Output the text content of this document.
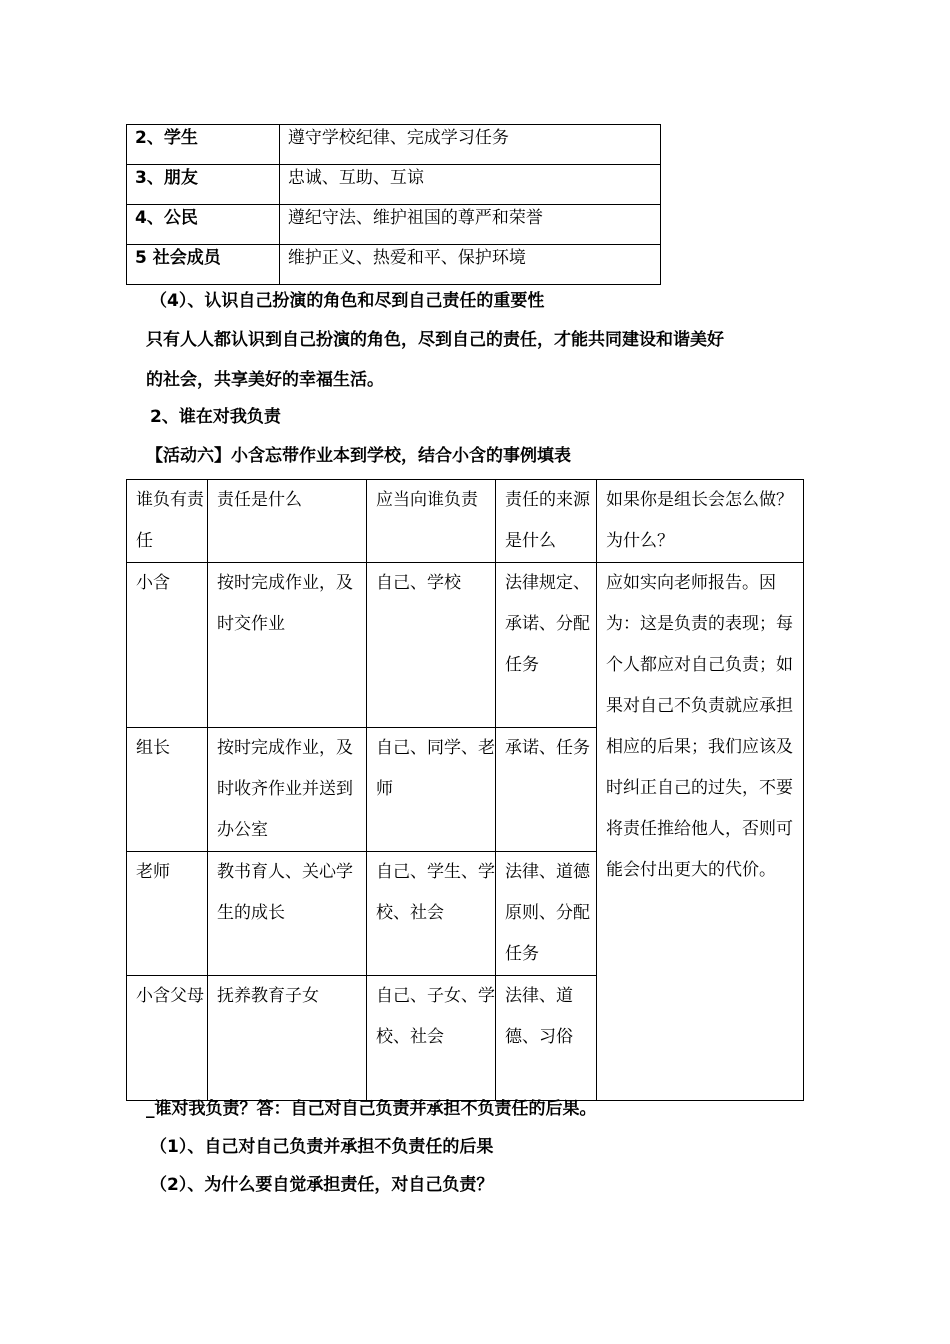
2、学生	遵守学校纪律、完成学习任务
3、朋友	忠诚、互助、互谅
4、公民	遵纪守法、维护祖国的尊严和荣誉
5 社会成员	维护正义、热爱和平、保护环境
（4）、认识自己扮演的角色和尽到自己责任的重要性
只有人人都认识到自己扮演的角色，尽到自己的责任，才能共同建设和谐美好
的社会，共享美好的幸福生活。
2、谁在对我负责
【活动六】小含忘带作业本到学校，结合小含的事例填表
谁负有责任	责任是什么	应当向谁负责	责任的来源是什么	如果你是组长会怎么做？为什么？
小含	按时完成作业，及时交作业	自己、学校	法律规定、承诺、分配任务	应如实向老师报告。因为：这是负责的表现；每个人都应对自己负责；如果对自己不负责就应承担相应的后果；我们应该及时纠正自己的过失，不要将责任推给他人，否则可能会付出更大的代价。
组长	按时完成作业，及时收齐作业并送到办公室	自己、同学、老师	承诺、任务	
老师	教书育人、关心学生的成长	自己、学生、学校、社会	法律、道德原则、分配任务	
小含父母	抚养教育子女	自己、子女、学校、社会	法律、道德、习俗	
_谁对我负责？答：自己对自己负责并承担不负责任的后果。
（1）、自己对自己负责并承担不负责任的后果
（2）、为什么要自觉承担责任，对自己负责？
